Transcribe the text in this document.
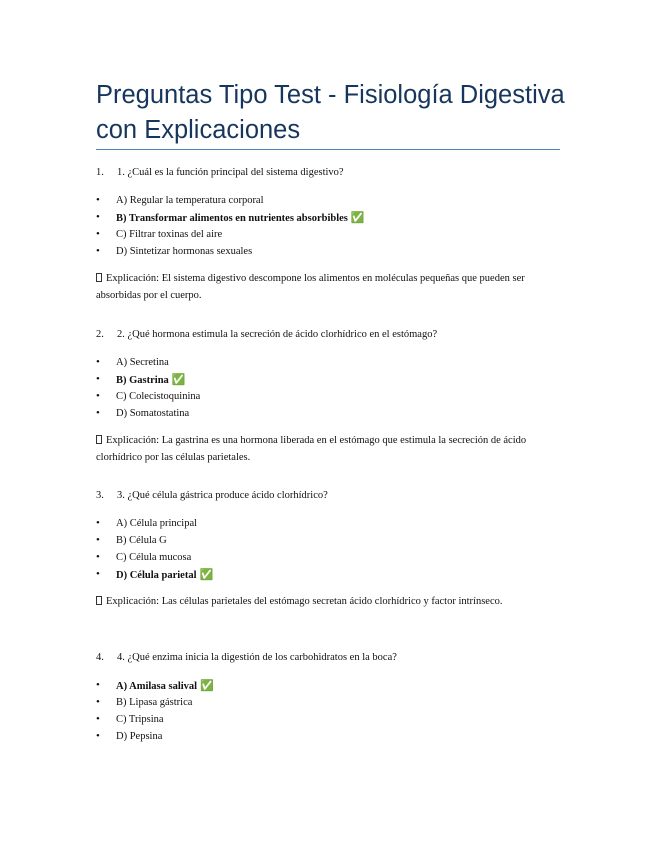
Preguntas Tipo Test - Fisiología Digestiva con Explicaciones
1. 1. ¿Cuál es la función principal del sistema digestivo?
• A) Regular la temperatura corporal
• B) Transformar alimentos en nutrientes absorbibles ✅
• C) Filtrar toxinas del aire
• D) Sintetizar hormonas sexuales
Explicación: El sistema digestivo descompone los alimentos en moléculas pequeñas que pueden ser absorbidas por el cuerpo.
2. 2. ¿Qué hormona estimula la secreción de ácido clorhídrico en el estómago?
• A) Secretina
• B) Gastrina ✅
• C) Colecistoquinina
• D) Somatostatina
Explicación: La gastrina es una hormona liberada en el estómago que estimula la secreción de ácido clorhídrico por las células parietales.
3. 3. ¿Qué célula gástrica produce ácido clorhídrico?
• A) Célula principal
• B) Célula G
• C) Célula mucosa
• D) Célula parietal ✅
Explicación: Las células parietales del estómago secretan ácido clorhídrico y factor intrínseco.
4. 4. ¿Qué enzima inicia la digestión de los carbohidratos en la boca?
• A) Amilasa salival ✅
• B) Lipasa gástrica
• C) Tripsina
• D) Pepsina
